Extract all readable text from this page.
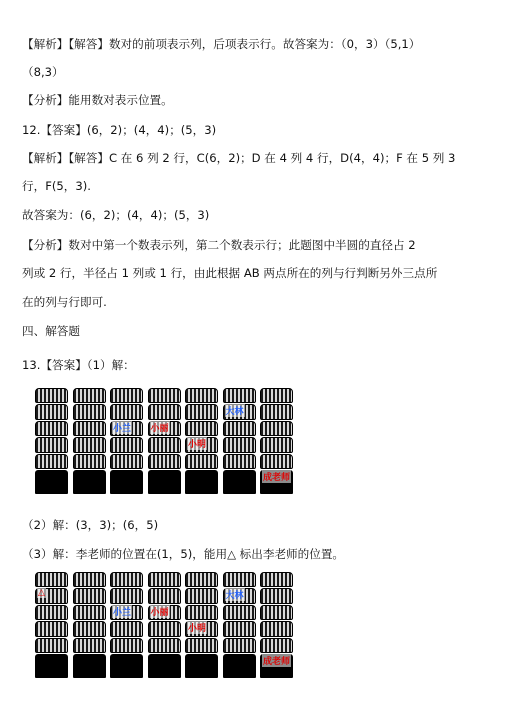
【解析】【解答】数对的前项表示列，后项表示行。故答案为：（0，3）（5,1）
（8,3）
【分析】能用数对表示位置。
12.【答案】(6，2)；(4，4)；(5，3)
【解析】【解答】C 在 6 列 2 行，C(6，2)；D 在 4 列 4 行，D(4，4)；F 在 5 列 3
行，F(5，3).
故答案为：(6，2)；(4，4)；(5，3)
【分析】数对中第一个数表示列，第二个数表示行；此题图中半圆的直径占 2
列或 2 行，半径占 1 列或 1 行，由此根据 AB 两点所在的列与行判断另外三点所
在的列与行即可.
四、解答题
13.【答案】（1）解：
大林
小兰 小丽
小明
成老师
（2）解：(3，3)；(6，5)
（3）解：李老师的位置在(1，5)，能用△ 标出李老师的位置。
△	大林
小兰 小丽
小明
成老师
